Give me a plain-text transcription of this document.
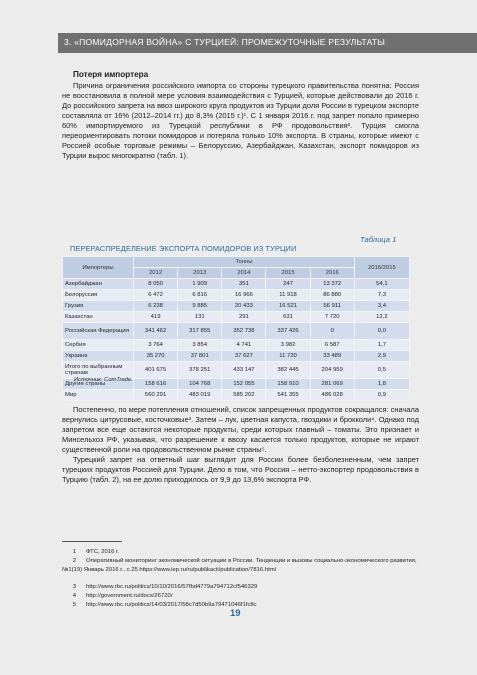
3. «ПОМИДОРНАЯ ВОЙНА» С ТУРЦИЕЙ: ПРОМЕЖУТОЧНЫЕ РЕЗУЛЬТАТЫ
Потеря импортера

Причина ограничения российского импорта со стороны турецкого правительства понятна: Россия не восстановила в полной мере условия взаимодействия с Турцией, которые действовали до 2016 г. До российского запрета на ввоз широкого круга продуктов из Турции доля России в турецком экспорте составляла от 16% (2012–2014 гг.) до 8,3% (2015 г.)¹. С 1 января 2016 г. под запрет попало примерно 60% импортируемого из Турецкой республики в РФ продовольствия². Турция смогла переориентировать потоки помидоров и потеряла только 10% экспорта. В страны, которые имеют с Россией особые торговые режимы – Белоруссию, Азербайджан, Казахстан, экспорт помидоров из Турции вырос многократно (табл. 1).

Таблица 1
ПЕРЕРАСПРЕДЕЛЕНИЕ ЭКСПОРТА ПОМИДОРОВ ИЗ ТУРЦИИ
Импортеры	Тонны					2016/2015
	2012	2013	2014	2015	2016	
Азербайджан	8 050	1 909	351	247	13 372	54,1
Белоруссия	6 472	6 816	16 966	11 918	86 880	7,3
Грузия	6 238	9 885	20 433	16 521	56 911	3,4
Казахстан	419	131	291	631	7 720	12,2
Российская Федерация	341 462	317 855	352 738	337 426	0	0,0
Сербия	3 764	3 854	4 741	3 982	6 587	1,7
Украина	35 270	37 801	37 627	11 720	33 489	2,9
Итого по выбранным странам	401 675	378 251	433 147	382 445	204 959	0,5
Другие страны	158 616	104 768	152 055	158 910	281 069	1,8
Мир	560 291	483 019	585 202	541 355	486 028	0,9
Источник: ComTrade.

Постепенно, по мере потепления отношений, список запрещенных продуктов сокращался: сначала вернулись цитрусовые, косточковые³. Затем – лук, цветная капуста, гвоздики и брокколи⁴. Однако под запретом все еще остаются некоторые продукты, среди которых главный – томаты. Это признает и Минсельхоз РФ, указывая, что разрешение к ввозу касается только продуктов, которые не играют существенной роли на продовольственном рынке страны⁵.

Турецкий запрет на ответный шаг выглядит для России более безболезненным, чем запрет турецких продуктов Россией для Турции. Дело в том, что Россия – нетто-экспортер продовольствия в Турцию (табл. 2), на ее долю приходилось от 9,9 до 13,6% экспорта РФ.

1 ФТС, 2016 г.
2 Оперативный мониторинг экономической ситуации в России. Тенденции и вызовы социально-экономического развития, №1(19) Январь 2016 г., с.25 https://www.iep.ru/ru/publikacii/publication/7816.html
3 http://www.rbc.ru/politics/10/10/2016/57fbd4779a794712cf546329
4 http://government.ru/docs/26720/
5 http://www.rbc.ru/politics/14/03/2017/58c7d50b9a79471046f1fc8c
19
